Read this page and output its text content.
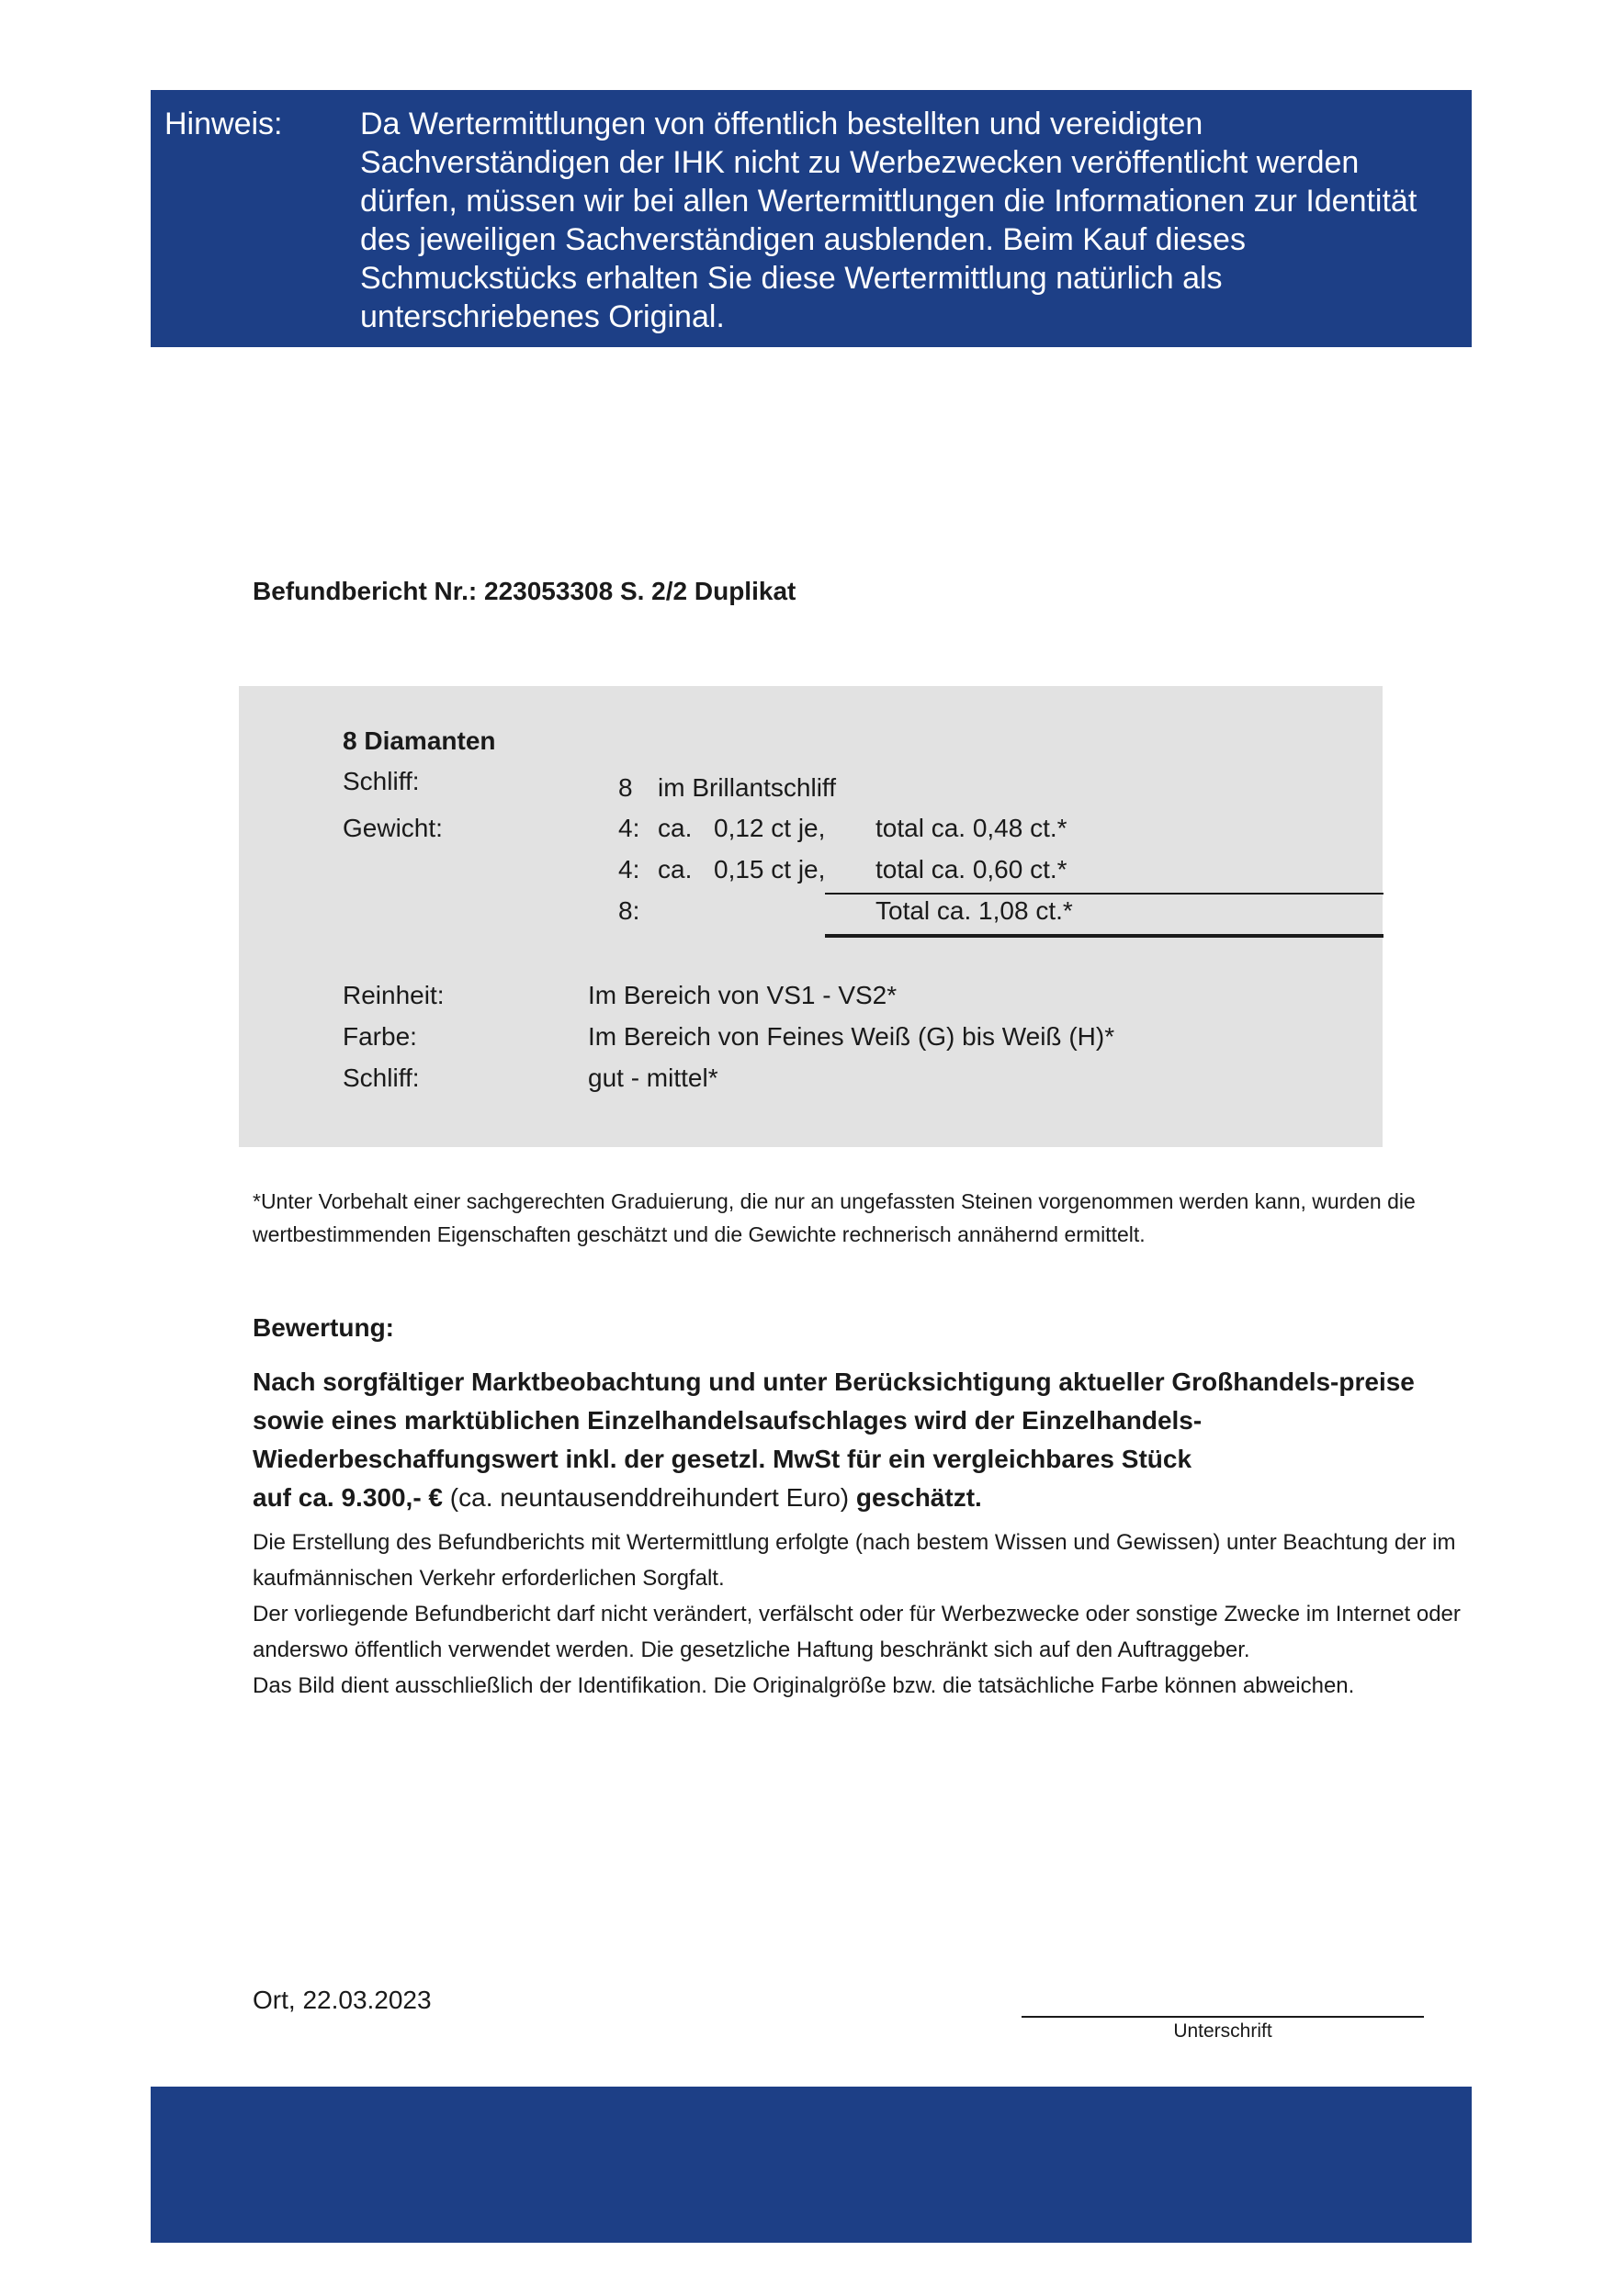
Hinweis: Da Wertermittlungen von öffentlich bestellten und vereidigten Sachverständigen der IHK nicht zu Werbezwecken veröffentlicht werden dürfen, müssen wir bei allen Wertermittlungen die Informationen zur Identität des jeweiligen Sachverständigen ausblenden. Beim Kauf dieses Schmuckstücks erhalten Sie diese Wertermittlung natürlich als unterschriebenes Original.
Befundbericht Nr.: 223053308 S. 2/2 Duplikat
8 Diamanten
Schliff:	8 im Brillantschliff
Gewicht:	4: ca. 0,12 ct je, total ca. 0,48 ct.*
4: ca. 0,15 ct je, total ca. 0,60 ct.*
8:	Total ca. 1,08 ct.*
Reinheit:	Im Bereich von VS1 - VS2*
Farbe:	Im Bereich von Feines Weiß (G) bis Weiß (H)*
Schliff:	gut - mittel*
*Unter Vorbehalt einer sachgerechten Graduierung, die nur an ungefassten Steinen vorgenommen werden kann, wurden die wertbestimmenden Eigenschaften geschätzt und die Gewichte rechnerisch annähernd ermittelt.
Bewertung:
Nach sorgfältiger Marktbeobachtung und unter Berücksichtigung aktueller Großhandels-preise sowie eines marktüblichen Einzelhandelsaufschlages wird der Einzelhandels-Wiederbeschaffungswert inkl. der gesetzl. MwSt für ein vergleichbares Stück
auf ca. 9.300,- € (ca. neuntausenddreihundert Euro) geschätzt.

Die Erstellung des Befundberichts mit Wertermittlung erfolgte (nach bestem Wissen und Gewissen) unter Beachtung der im kaufmännischen Verkehr erforderlichen Sorgfalt.

Der vorliegende Befundbericht darf nicht verändert, verfälscht oder für Werbezwecke oder sonstige Zwecke im Internet oder anderswo öffentlich verwendet werden. Die gesetzliche Haftung beschränkt sich auf den Auftraggeber.

Das Bild dient ausschließlich der Identifikation. Die Originalgröße bzw. die tatsächliche Farbe können abweichen.

Ort, 22.03.2023
Unterschrift
